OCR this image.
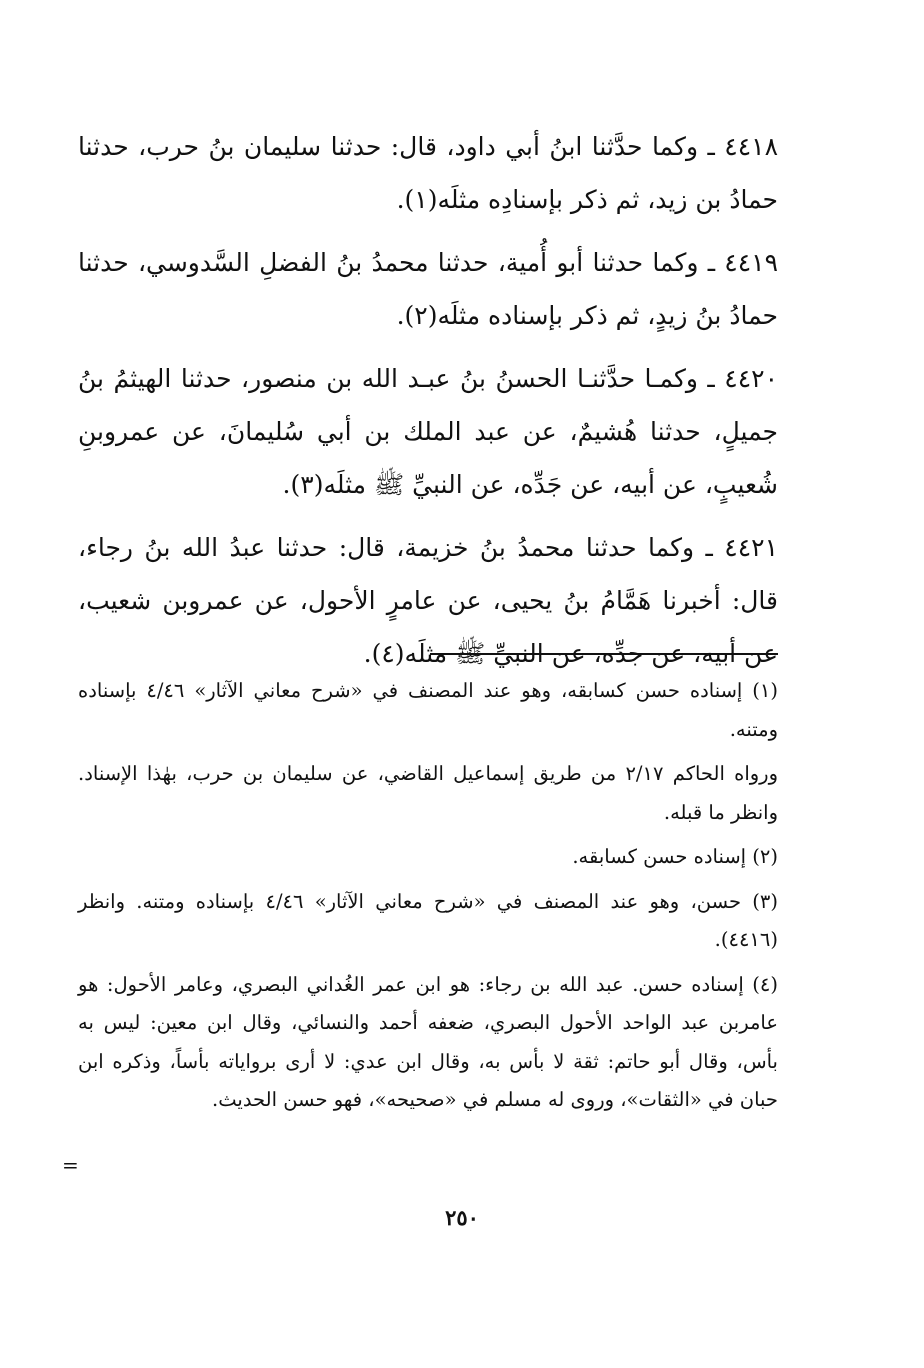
٤٤١٨ ـ وكما حدَّثنا ابنُ أبي داود، قال: حدثنا سليمان بنُ حرب، حدثنا حمادُ بن زيد، ثم ذكر بإسنادِه مثلَه(١).

٤٤١٩ ـ وكما حدثنا أبو أُمية، حدثنا محمدُ بنُ الفضلِ السَّدوسي، حدثنا حمادُ بنُ زيدٍ، ثم ذكر بإسناده مثلَه(٢).

٤٤٢٠ ـ وكمـا حدَّثنـا الحسنُ بنُ عبـد الله بن منصور، حدثنا الهيثمُ بنُ جميلٍ، حدثنا هُشيمٌ، عن عبد الملك بن أبي سُليمانَ، عن عمروبنِ شُعيبٍ، عن أبيه، عن جَدِّه، عن النبيِّ ﷺ مثلَه(٣).

٤٤٢١ ـ وكما حدثنا محمدُ بنُ خزيمة، قال: حدثنا عبدُ الله بنُ رجاء، قال: أخبرنا هَمَّامُ بنُ يحيى، عن عامرٍ الأحول، عن عمروبن شعيب، عن أبيه، عن جدِّه، عن النبيِّ ﷺ مثلَه(٤).

(١) إسناده حسن كسابقه، وهو عند المصنف في «شرح معاني الآثار» ٤/٤٦ بإسناده ومتنه.

ورواه الحاكم ٢/١٧ من طريق إسماعيل القاضي، عن سليمان بن حرب، بهٰذا الإسناد. وانظر ما قبله.

(٢) إسناده حسن كسابقه.

(٣) حسن، وهو عند المصنف في «شرح معاني الآثار» ٤/٤٦ بإسناده ومتنه. وانظر (٤٤١٦).

(٤) إسناده حسن. عبد الله بن رجاء: هو ابن عمر الغُداني البصري، وعامر الأحول: هو عامربن عبد الواحد الأحول البصري، ضعفه أحمد والنسائي، وقال ابن معين: ليس به بأس، وقال أبو حاتم: ثقة لا بأس به، وقال ابن عدي: لا أرى برواياته بأساً، وذكره ابن حبان في «الثقات»، وروى له مسلم في «صحيحه»، فهو حسن الحديث.

=
٢٥٠
